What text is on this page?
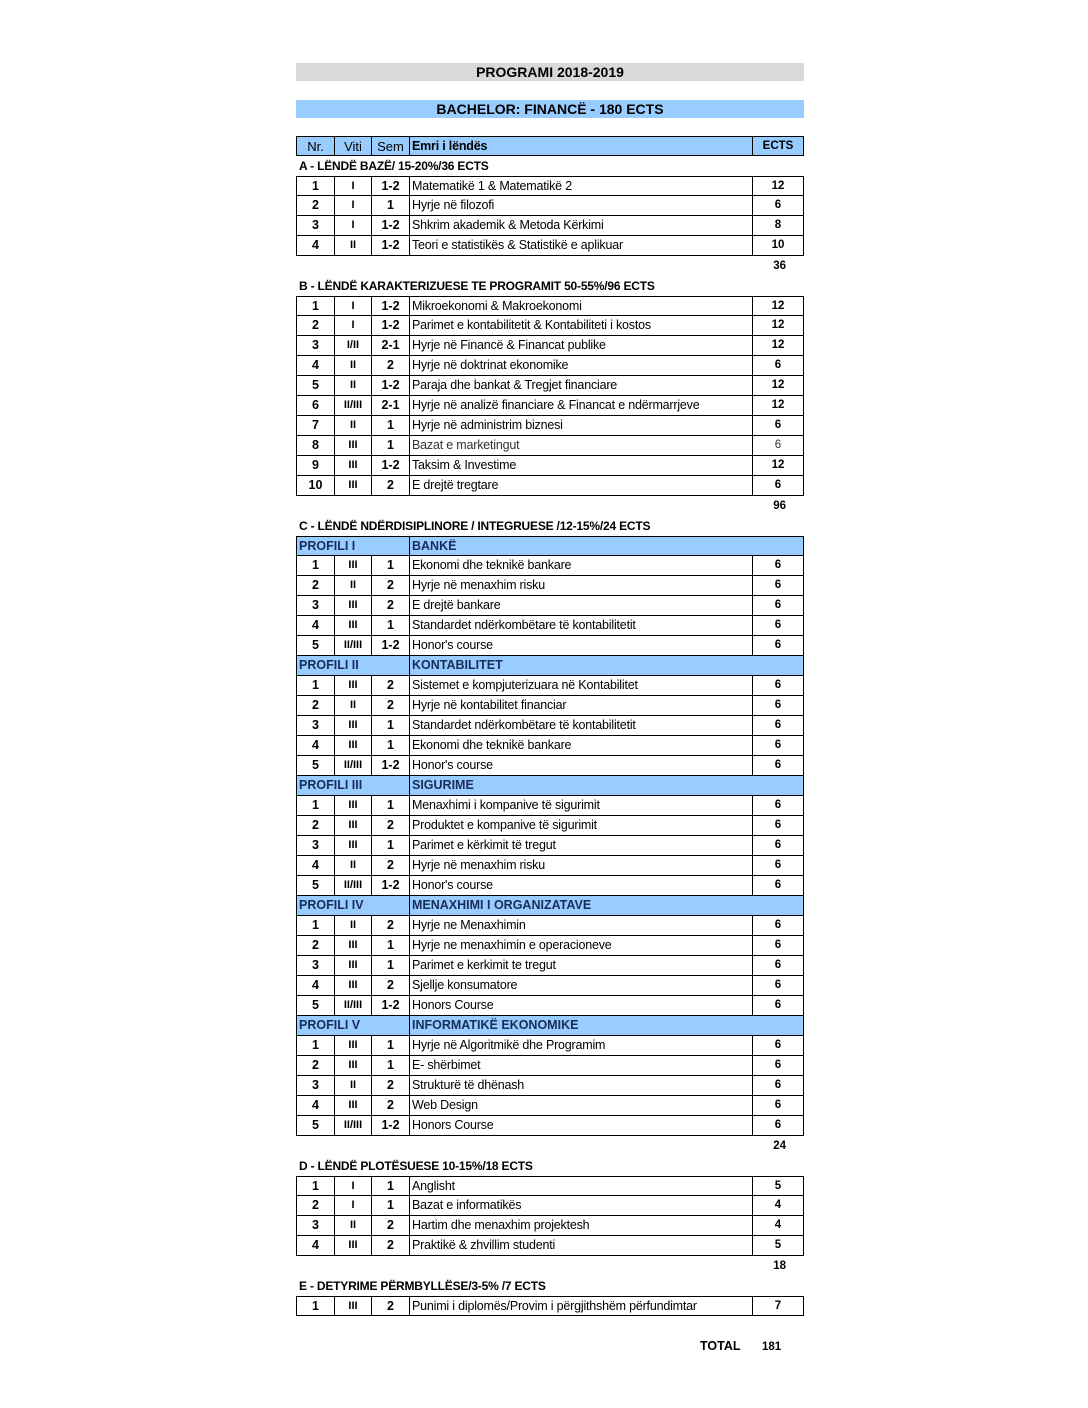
PROGRAMI 2018-2019
BACHELOR: FINANCË - 180 ECTS
Nr.	Viti	Sem Emri i lëndës	ECTS
A - LËNDË BAZË/ 15-20%/36 ECTS
1	I	1-2 Matematikë 1 & Matematikë 2	12
2	I	1	Hyrje në filozofi	6
3	I	1-2 Shkrim akademik & Metoda Kërkimi	8
4	II	1-2 Teori e statistikës & Statistikë e aplikuar	10
36
B - LËNDË KARAKTERIZUESE TE PROGRAMIT 50-55%/96 ECTS
1	I	1-2 Mikroekonomi & Makroekonomi	12
2	I	1-2 Parimet e kontabilitetit & Kontabiliteti i kostos	12
3	I/II	2-1 Hyrje në Financë & Financat publike	12
4	II	2	Hyrje në doktrinat ekonomike	6
5	II	1-2 Paraja dhe bankat & Tregjet financiare	12
6	II/III	2-1 Hyrje në analizë financiare & Financat e ndërmarrjeve	12
7	II	1	Hyrje në administrim biznesi	6
8	III	1	Bazat e marketingut	6
9	III	1-2 Taksim & Investime	12
10	III	2	E drejtë tregtare	6
96
C - LËNDË NDËRDISIPLINORE / INTEGRUESE /12-15%/24 ECTS
PROFILI I	BANKË
1	III	1	Ekonomi dhe teknikë bankare	6
2	II	2	Hyrje në menaxhim risku	6
3	III	2	E drejtë bankare	6
4	III	1	Standardet ndërkombëtare të kontabilitetit	6
5	II/III	1-2 Honor's course	6
PROFILI II	KONTABILITET
1	III	2	Sistemet e kompjuterizuara në Kontabilitet	6
2	II	2	Hyrje në kontabilitet financiar	6
3	III	1	Standardet ndërkombëtare të kontabilitetit	6
4	III	1	Ekonomi dhe teknikë bankare	6
5	II/III	1-2 Honor's course	6
PROFILI III	SIGURIME
1	III	1	Menaxhimi i kompanive të sigurimit	6
2	III	2	Produktet e kompanive të sigurimit	6
3	III	1	Parimet e kërkimit të tregut	6
4	II	2	Hyrje në menaxhim risku	6
5	II/III	1-2 Honor's course	6
PROFILI IV	MENAXHIMI I ORGANIZATAVE
1	II	2	Hyrje ne Menaxhimin	6
2	III	1	Hyrje ne menaxhimin e operacioneve	6
3	III	1	Parimet e kerkimit te tregut	6
4	III	2	Sjellje konsumatore	6
5	II/III	1-2 Honors Course	6
PROFILI V	INFORMATIKË EKONOMIKE
1	III	1	Hyrje në Algoritmikë dhe Programim	6
2	III	1	E- shërbimet	6
3	II	2	Strukturë të dhënash	6
4	III	2	Web Design	6
5	II/III	1-2 Honors Course	6
24
D - LËNDË PLOTËSUESE 10-15%/18 ECTS
1	I	1	Anglisht	5
2	I	1	Bazat e informatikës	4
3	II	2	Hartim dhe menaxhim projektesh	4
4	III	2	Praktikë & zhvillim studenti	5
18
E - DETYRIME PËRMBYLLËSE/3-5% /7 ECTS
1	III	2	Punimi i diplomës/Provim i përgjithshëm përfundimtar	7
TOTAL 181
